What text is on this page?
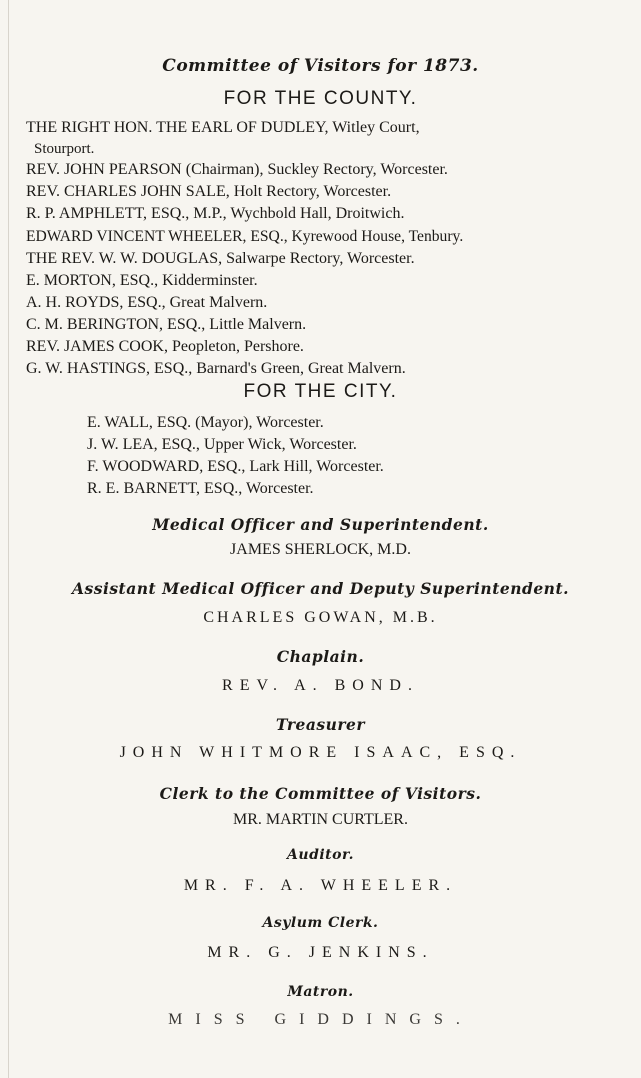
Committee of Visitors for 1873.
FOR THE COUNTY.
THE RIGHT HON. THE EARL OF DUDLEY, Witley Court,
Stourport.
REV. JOHN PEARSON (Chairman), Suckley Rectory, Worcester.
REV. CHARLES JOHN SALE, Holt Rectory, Worcester.
R. P. AMPHLETT, ESQ., M.P., Wychbold Hall, Droitwich.
EDWARD VINCENT WHEELER, ESQ., Kyrewood House, Tenbury.
THE REV. W. W. DOUGLAS, Salwarpe Rectory, Worcester.
E. MORTON, ESQ., Kidderminster.
A. H. ROYDS, ESQ., Great Malvern.
C. M. BERINGTON, ESQ., Little Malvern.
REV. JAMES COOK, Peopleton, Pershore.
G. W. HASTINGS, ESQ., Barnard's Green, Great Malvern.
FOR THE CITY.
E. WALL, ESQ. (Mayor), Worcester.
J. W. LEA, ESQ., Upper Wick, Worcester.
F. WOODWARD, ESQ., Lark Hill, Worcester.
R. E. BARNETT, ESQ., Worcester.
Medical Officer and Superintendent.
JAMES SHERLOCK, M.D.
Assistant Medical Officer and Deputy Superintendent.
CHARLES GOWAN, M.B.
Chaplain.
REV. A. BOND.
Treasurer
JOHN WHITMORE ISAAC, ESQ.
Clerk to the Committee of Visitors.
MR. MARTIN CURTLER.
Auditor.
MR. F. A. WHEELER.
Asylum Clerk.
MR. G. JENKINS.
Matron.
MISS GIDDINGS.
